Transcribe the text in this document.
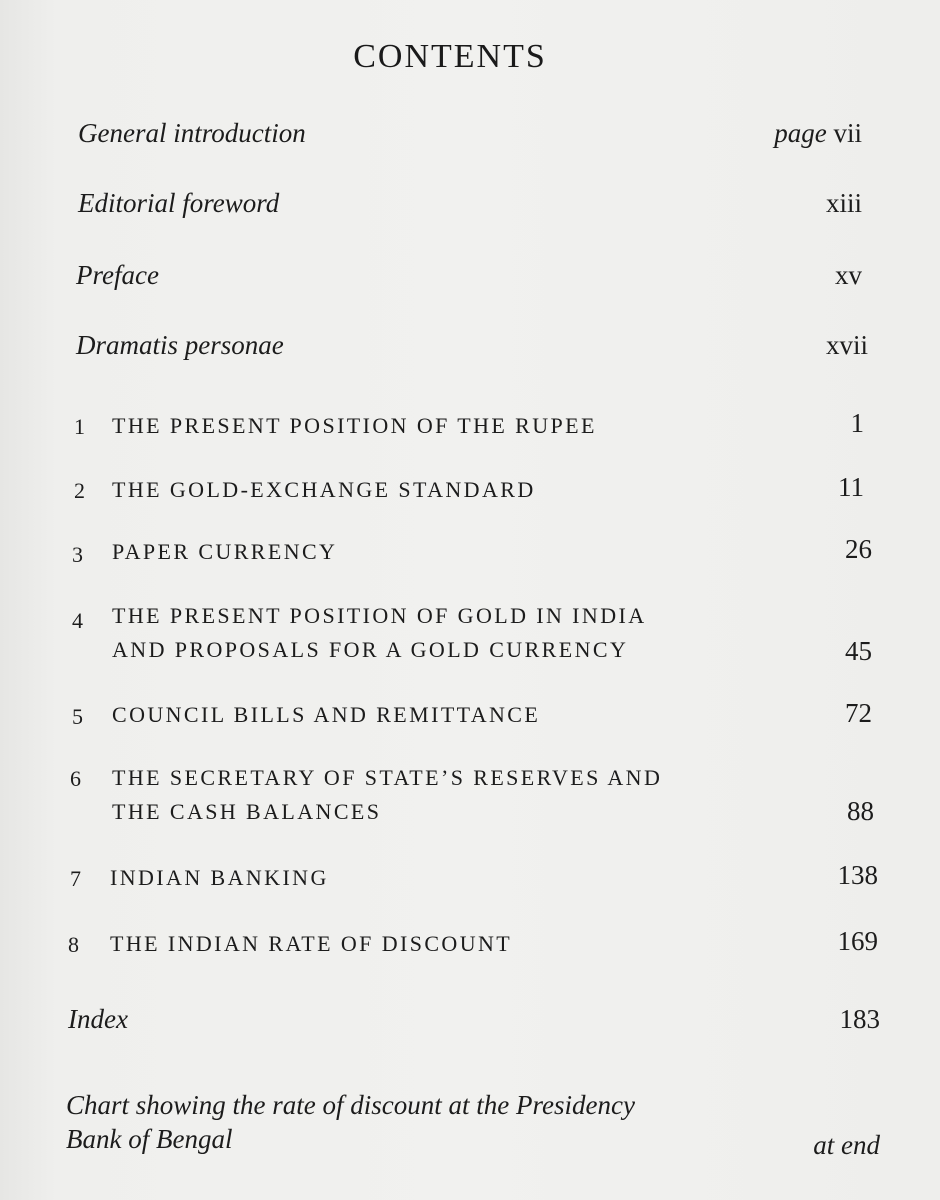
CONTENTS
General introduction	page vii
Editorial foreword	xiii
Preface	xv
Dramatis personae	xvii
1 THE PRESENT POSITION OF THE RUPEE	1
2 THE GOLD-EXCHANGE STANDARD	11
3 PAPER CURRENCY	26
4 THE PRESENT POSITION OF GOLD IN INDIA
AND PROPOSALS FOR A GOLD CURRENCY	45
5 COUNCIL BILLS AND REMITTANCE	72
6 THE SECRETARY OF STATE’S RESERVES AND
THE CASH BALANCES	88
7 INDIAN BANKING	138
8 THE INDIAN RATE OF DISCOUNT	169
Index	183
Chart showing the rate of discount at the Presidency
Bank of Bengal	at end
